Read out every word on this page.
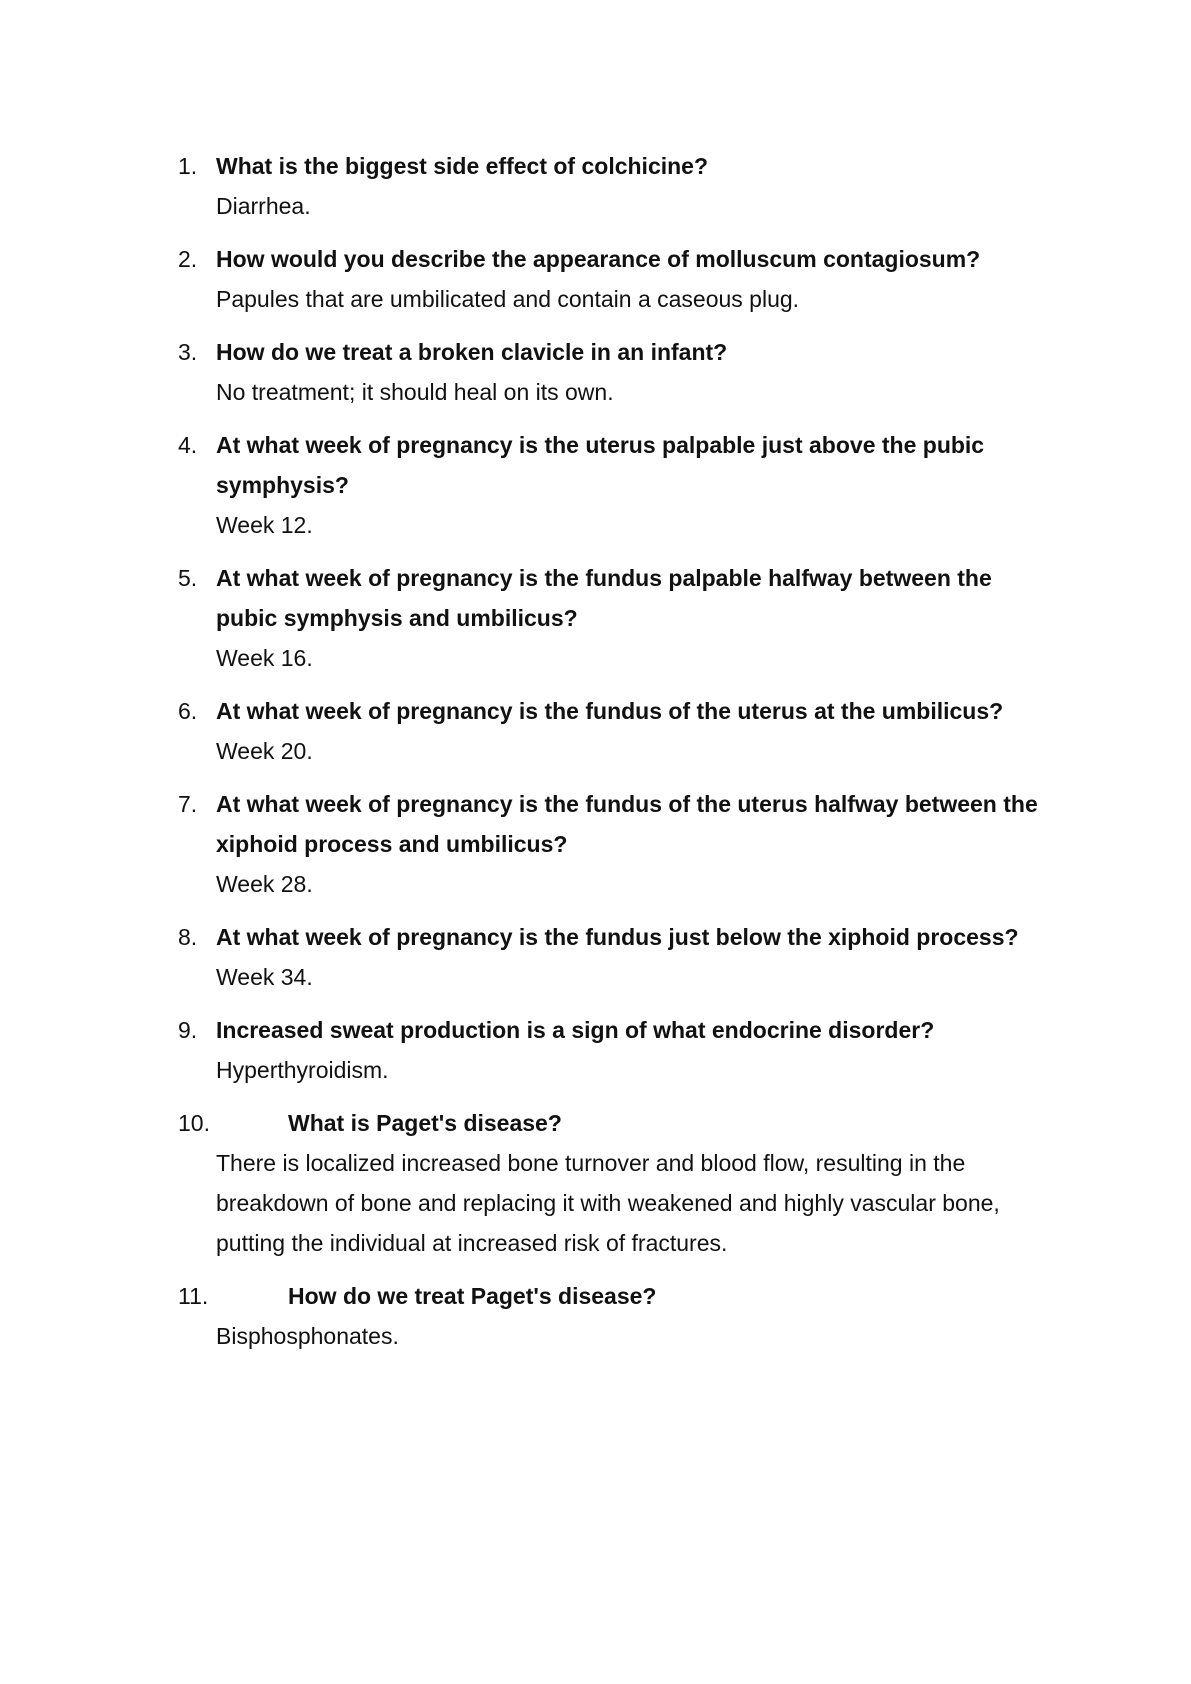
1. What is the biggest side effect of colchicine?

Diarrhea.

2. How would you describe the appearance of molluscum contagiosum?

Papules that are umbilicated and contain a caseous plug.

3. How do we treat a broken clavicle in an infant?

No treatment; it should heal on its own.

4. At what week of pregnancy is the uterus palpable just above the pubic symphysis?

Week 12.

5. At what week of pregnancy is the fundus palpable halfway between the pubic symphysis and umbilicus?

Week 16.

6. At what week of pregnancy is the fundus of the uterus at the umbilicus?

Week 20.

7. At what week of pregnancy is the fundus of the uterus halfway between the xiphoid process and umbilicus?

Week 28.

8. At what week of pregnancy is the fundus just below the xiphoid process?

Week 34.

9. Increased sweat production is a sign of what endocrine disorder?

Hyperthyroidism.

10.	What is Paget's disease?

There is localized increased bone turnover and blood flow, resulting in the breakdown of bone and replacing it with weakened and highly vascular bone, putting the individual at increased risk of fractures.

11.	How do we treat Paget's disease?

Bisphosphonates.
